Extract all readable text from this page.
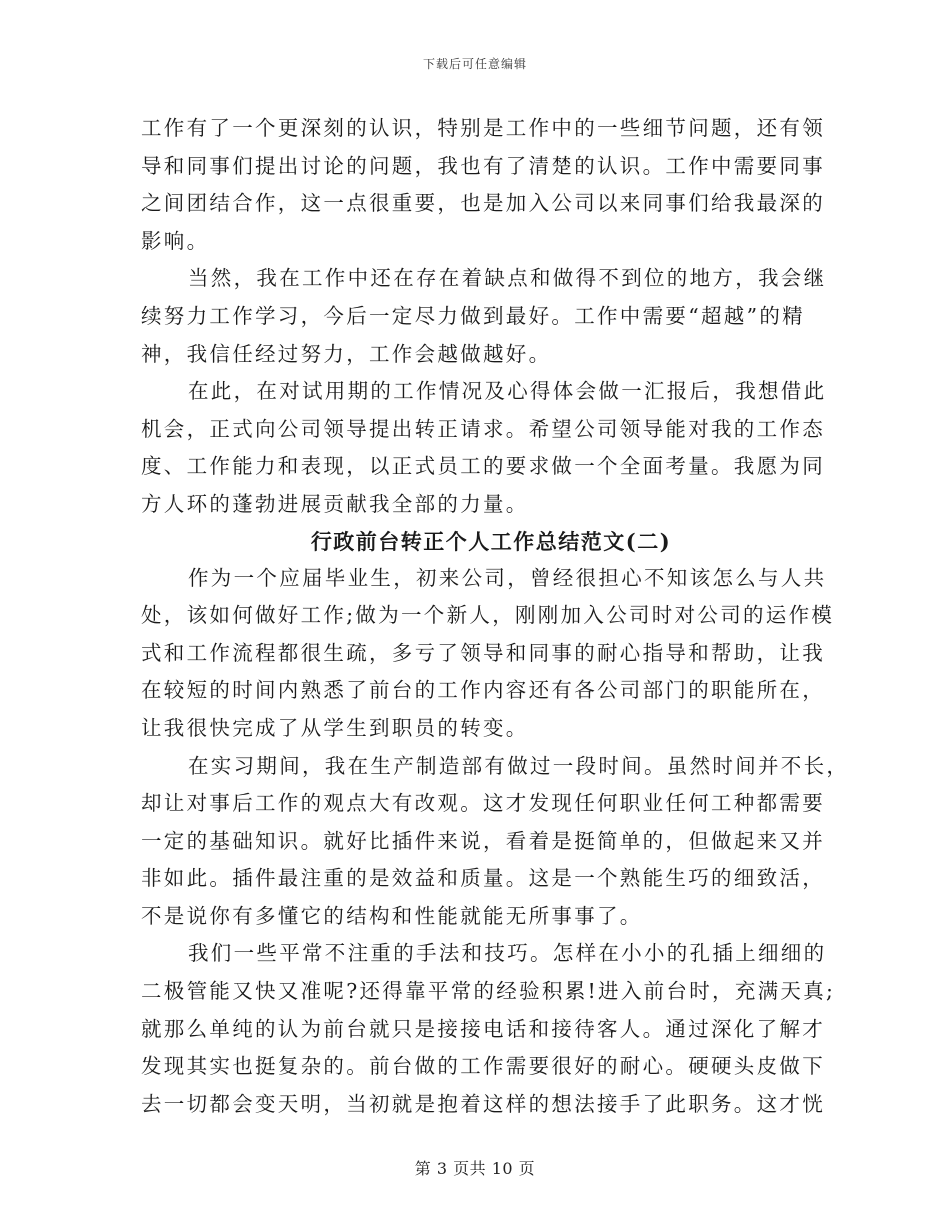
下载后可任意编辑
工作有了一个更深刻的认识，特别是工作中的一些细节问题，还有领
导和同事们提出讨论的问题，我也有了清楚的认识。工作中需要同事
之间团结合作，这一点很重要，也是加入公司以来同事们给我最深的
影响。
当然，我在工作中还在存在着缺点和做得不到位的地方，我会继
续努力工作学习，今后一定尽力做到最好。工作中需要“超越”的精
神，我信任经过努力，工作会越做越好。
在此，在对试用期的工作情况及心得体会做一汇报后，我想借此
机会，正式向公司领导提出转正请求。希望公司领导能对我的工作态
度、工作能力和表现，以正式员工的要求做一个全面考量。我愿为同
方人环的蓬勃进展贡献我全部的力量。
行政前台转正个人工作总结范文(二)
作为一个应届毕业生，初来公司，曾经很担心不知该怎么与人共
处，该如何做好工作;做为一个新人，刚刚加入公司时对公司的运作模
式和工作流程都很生疏，多亏了领导和同事的耐心指导和帮助，让我
在较短的时间内熟悉了前台的工作内容还有各公司部门的职能所在，
让我很快完成了从学生到职员的转变。
在实习期间，我在生产制造部有做过一段时间。虽然时间并不长，
却让对事后工作的观点大有改观。这才发现任何职业任何工种都需要
一定的基础知识。就好比插件来说，看着是挺简单的，但做起来又并
非如此。插件最注重的是效益和质量。这是一个熟能生巧的细致活，
不是说你有多懂它的结构和性能就能无所事事了。
我们一些平常不注重的手法和技巧。怎样在小小的孔插上细细的
二极管能又快又准呢?还得靠平常的经验积累!进入前台时，充满天真;
就那么单纯的认为前台就只是接接电话和接待客人。通过深化了解才
发现其实也挺复杂的。前台做的工作需要很好的耐心。硬硬头皮做下
去一切都会变天明，当初就是抱着这样的想法接手了此职务。这才恍
第 3 页共 10 页
